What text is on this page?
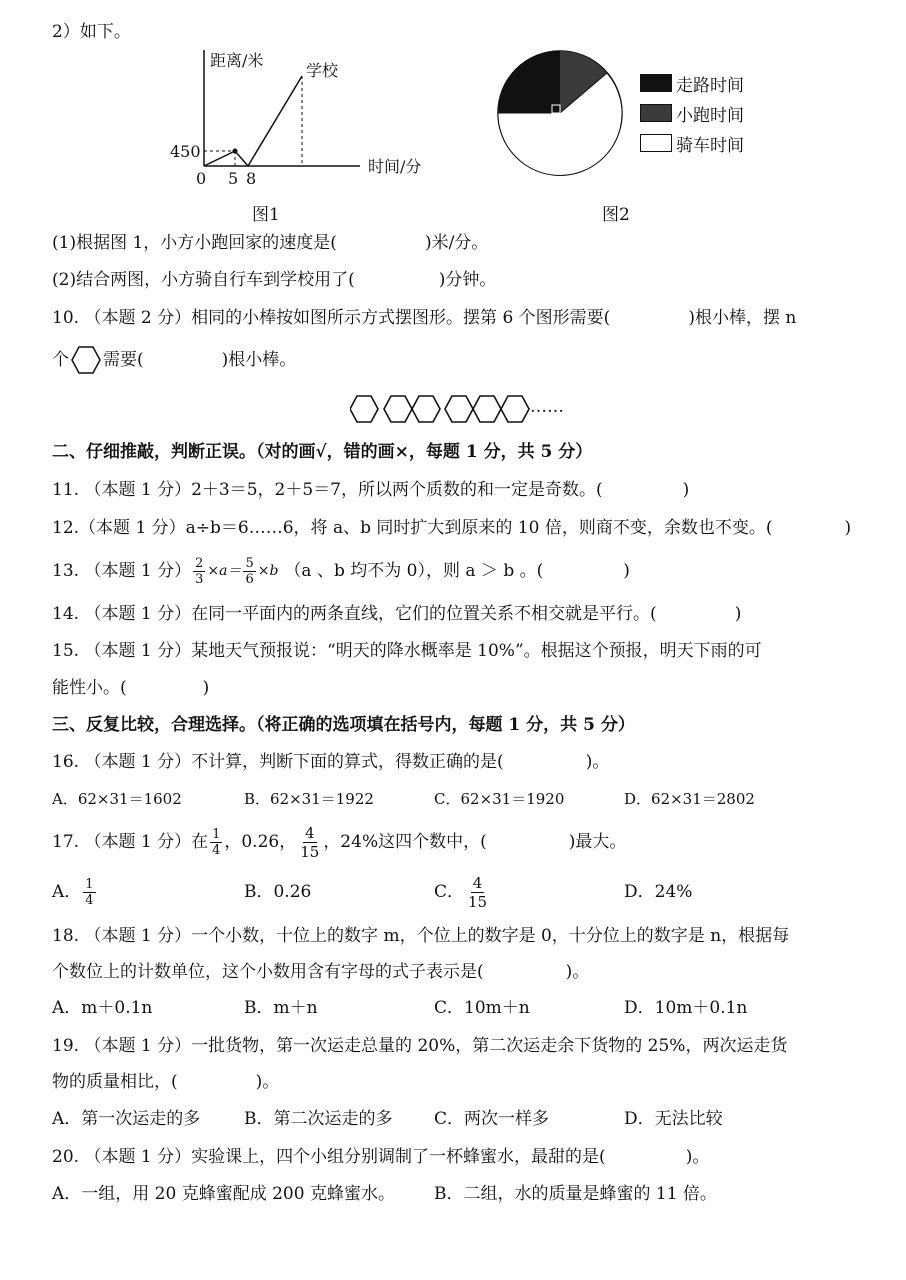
2）如下。
距离/米
学校
450
0 5 8
时间/分
图1
走路时间
小跑时间
骑车时间
图2
(1)根据图 1，小方小跑回家的速度是(	)米/分。
(2)结合两图，小方骑自行车到学校用了(	)分钟。
10. （本题 2 分）相同的小棒按如图所示方式摆图形。摆第 6 个图形需要(	)根小棒，摆 n
个 需要(	)根小棒。
……
二、仔细推敲，判断正误。（对的画√，错的画×，每题 1 分，共 5 分）
11. （本题 1 分）2＋3＝5，2＋5＝7，所以两个质数的和一定是奇数。(	)
12.（本题 1 分）a÷b＝6……6，将 a、b 同时扩大到原来的 10 倍，则商不变，余数也不变。(	)
13. （本题 1 分） $\frac{2}{3} \times a= \frac{5}{6} \times b$ （a 、b 均不为 0），则 a ＞ b 。(	)
14. （本题 1 分）在同一平面内的两条直线，它们的位置关系不相交就是平行。(	)
15. （本题 1 分）某地天气预报说：“明天的降水概率是 10%”。根据这个预报，明天下雨的可
能性小。(	)
三、反复比较，合理选择。（将正确的选项填在括号内，每题 1 分，共 5 分）
16. （本题 1 分）不计算，判断下面的算式，得数正确的是(	)。
A．62×31＝1602	B．62×31＝1922	C．62×31＝1920	D．62×31＝2802
17. （本题 1 分）在 $\frac{1}{4}$ ，0.26， $\frac{4}{15}$ ，24%这四个数中，(	)最大。
A． $\frac{1}{4}$	B．0.26	C． $\frac{4}{15}$	D．24%
18. （本题 1 分）一个小数，十位上的数字 m，个位上的数字是 0，十分位上的数字是 n，根据每
个数位上的计数单位，这个小数用含有字母的式子表示是(	)。
A．m＋0.1n	B．m＋n	C．10m＋n	D．10m＋0.1n
19. （本题 1 分）一批货物，第一次运走总量的 20%，第二次运走余下货物的 25%，两次运走货
物的质量相比，(	)。
A．第一次运走的多	B．第二次运走的多 C．两次一样多	D．无法比较
20. （本题 1 分）实验课上，四个小组分别调制了一杯蜂蜜水，最甜的是(	)。
A．一组，用 20 克蜂蜜配成 200 克蜂蜜水。 B．二组，水的质量是蜂蜜的 11 倍。
